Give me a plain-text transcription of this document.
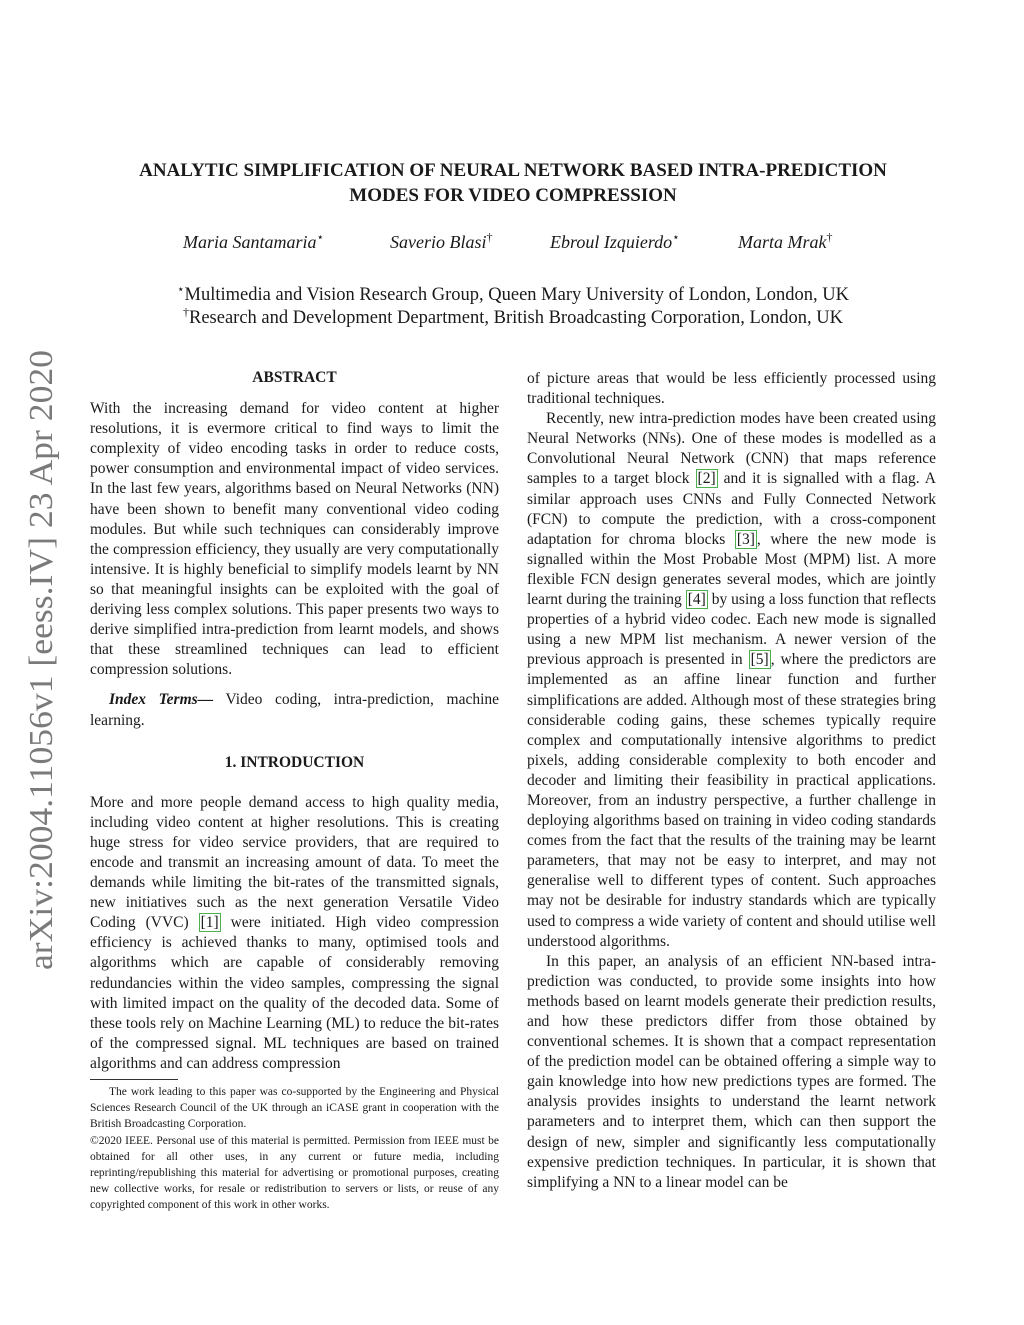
arXiv:2004.11056v1 [eess.IV] 23 Apr 2020
ANALYTIC SIMPLIFICATION OF NEURAL NETWORK BASED INTRA-PREDICTION
MODES FOR VIDEO COMPRESSION
Maria Santamaria⋆	Saverio Blasi†	Ebroul Izquierdo⋆	Marta Mrak†
⋆Multimedia and Vision Research Group, Queen Mary University of London, London, UK
†Research and Development Department, British Broadcasting Corporation, London, UK
ABSTRACT

With the increasing demand for video content at higher resolutions, it is evermore critical to find ways to limit the complexity of video encoding tasks in order to reduce costs, power consumption and environmental impact of video services. In the last few years, algorithms based on Neural Networks (NN) have been shown to benefit many conventional video coding modules. But while such techniques can considerably improve the compression efficiency, they usually are very computationally intensive. It is highly beneficial to simplify models learnt by NN so that meaningful insights can be exploited with the goal of deriving less complex solutions. This paper presents two ways to derive simplified intra-prediction from learnt models, and shows that these streamlined techniques can lead to efficient compression solutions.

Index Terms— Video coding, intra-prediction, machine learning.

1. INTRODUCTION

More and more people demand access to high quality media, including video content at higher resolutions. This is creating huge stress for video service providers, that are required to encode and transmit an increasing amount of data. To meet the demands while limiting the bit-rates of the transmitted signals, new initiatives such as the next generation Versatile Video Coding (VVC) [1] were initiated. High video compression efficiency is achieved thanks to many, optimised tools and algorithms which are capable of considerably removing redundancies within the video samples, compressing the signal with limited impact on the quality of the decoded data. Some of these tools rely on Machine Learning (ML) to reduce the bit-rates of the compressed signal. ML techniques are based on trained algorithms and can address compression

The work leading to this paper was co-supported by the Engineering and Physical Sciences Research Council of the UK through an iCASE grant in cooperation with the British Broadcasting Corporation.

©2020 IEEE. Personal use of this material is permitted. Permission from IEEE must be obtained for all other uses, in any current or future media, including reprinting/republishing this material for advertising or promotional purposes, creating new collective works, for resale or redistribution to servers or lists, or reuse of any copyrighted component of this work in other works.

of picture areas that would be less efficiently processed using traditional techniques.

Recently, new intra-prediction modes have been created using Neural Networks (NNs). One of these modes is modelled as a Convolutional Neural Network (CNN) that maps reference samples to a target block [2] and it is signalled with a flag. A similar approach uses CNNs and Fully Connected Network (FCN) to compute the prediction, with a cross-component adaptation for chroma blocks [3] , where the new mode is signalled within the Most Probable Most (MPM) list. A more flexible FCN design generates several modes, which are jointly learnt during the training [4] by using a loss function that reflects properties of a hybrid video codec. Each new mode is signalled using a new MPM list mechanism. A newer version of the previous approach is presented in [5] , where the predictors are implemented as an affine linear function and further simplifications are added. Although most of these strategies bring considerable coding gains, these schemes typically require complex and computationally intensive algorithms to predict pixels, adding considerable complexity to both encoder and decoder and limiting their feasibility in practical applications. Moreover, from an industry perspective, a further challenge in deploying algorithms based on training in video coding standards comes from the fact that the results of the training may be learnt parameters, that may not be easy to interpret, and may not generalise well to different types of content. Such approaches may not be desirable for industry standards which are typically used to compress a wide variety of content and should utilise well understood algorithms.

In this paper, an analysis of an efficient NN-based intra-prediction was conducted, to provide some insights into how methods based on learnt models generate their prediction results, and how these predictors differ from those obtained by conventional schemes. It is shown that a compact representation of the prediction model can be obtained offering a simple way to gain knowledge into how new predictions types are formed. The analysis provides insights to understand the learnt network parameters and to interpret them, which can then support the design of new, simpler and significantly less computationally expensive prediction techniques. In particular, it is shown that simplifying a NN to a linear model can be
